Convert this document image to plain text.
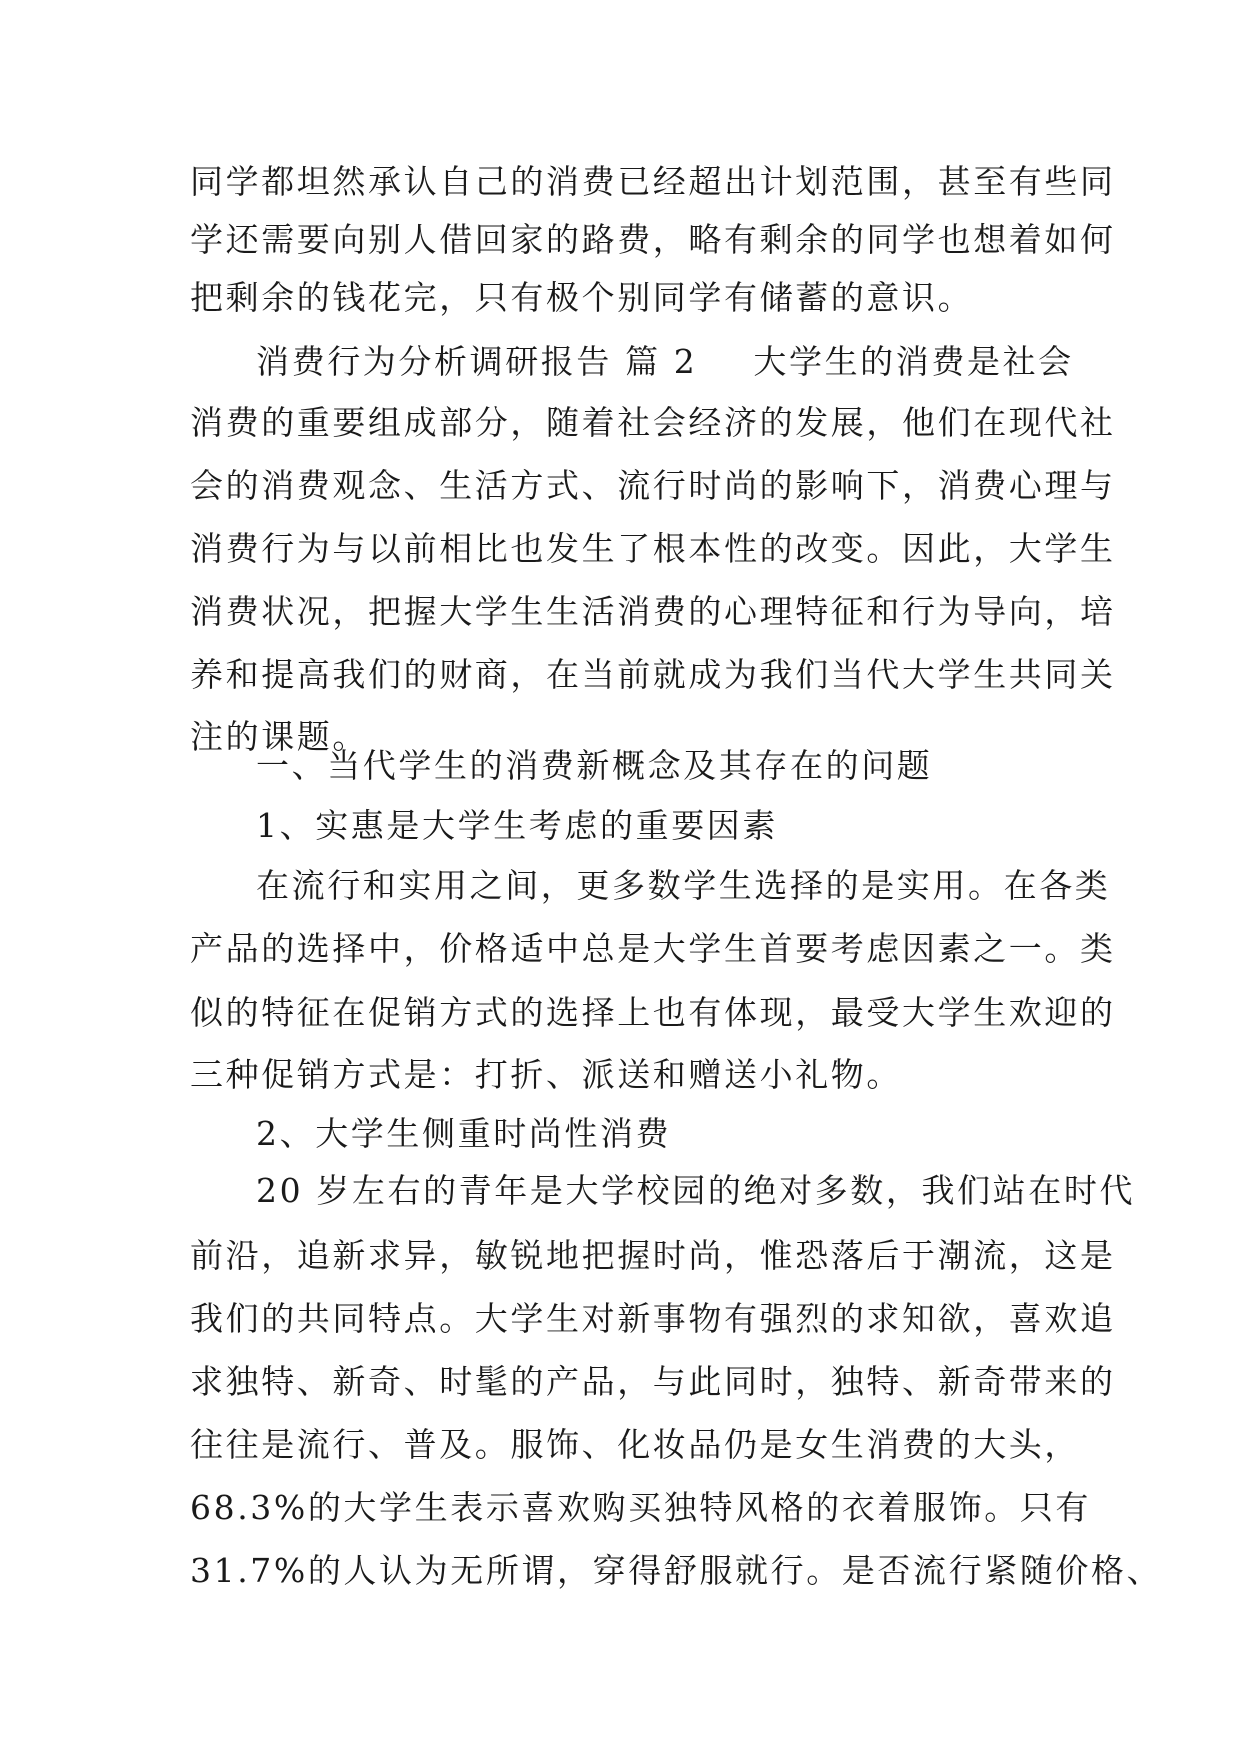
同学都坦然承认自己的消费已经超出计划范围，甚至有些同
学还需要向别人借回家的路费，略有剩余的同学也想着如何
把剩余的钱花完，只有极个别同学有储蓄的意识。
消费行为分析调研报告 篇 2 大学生的消费是社会
消费的重要组成部分，随着社会经济的发展，他们在现代社
会的消费观念、生活方式、流行时尚的影响下，消费心理与
消费行为与以前相比也发生了根本性的改变。因此，大学生
消费状况，把握大学生生活消费的心理特征和行为导向，培
养和提高我们的财商，在当前就成为我们当代大学生共同关
注的课题。
一、当代学生的消费新概念及其存在的问题
1、实惠是大学生考虑的重要因素
在流行和实用之间，更多数学生选择的是实用。在各类
产品的选择中，价格适中总是大学生首要考虑因素之一。类
似的特征在促销方式的选择上也有体现，最受大学生欢迎的
三种促销方式是：打折、派送和赠送小礼物。
2、大学生侧重时尚性消费
20 岁左右的青年是大学校园的绝对多数，我们站在时代
前沿，追新求异，敏锐地把握时尚，惟恐落后于潮流，这是
我们的共同特点。大学生对新事物有强烈的求知欲，喜欢追
求独特、新奇、时髦的产品，与此同时，独特、新奇带来的
往往是流行、普及。服饰、化妆品仍是女生消费的大头，
68.3%的大学生表示喜欢购买独特风格的衣着服饰。只有
31.7%的人认为无所谓，穿得舒服就行。是否流行紧随价格、
